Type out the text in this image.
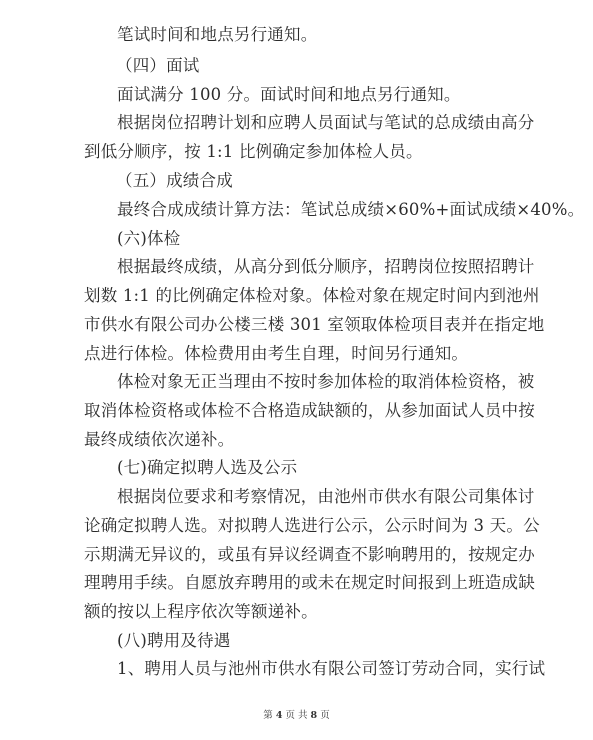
笔试时间和地点另行通知。
（四）面试
面试满分 100 分。面试时间和地点另行通知。
根据岗位招聘计划和应聘人员面试与笔试的总成绩由高分
到低分顺序，按 1:1 比例确定参加体检人员。
（五）成绩合成
最终合成成绩计算方法：笔试总成绩×60%+面试成绩×40%。
(六)体检
根据最终成绩，从高分到低分顺序，招聘岗位按照招聘计
划数 1:1 的比例确定体检对象。体检对象在规定时间内到池州
市供水有限公司办公楼三楼 301 室领取体检项目表并在指定地
点进行体检。体检费用由考生自理，时间另行通知。
体检对象无正当理由不按时参加体检的取消体检资格，被
取消体检资格或体检不合格造成缺额的，从参加面试人员中按
最终成绩依次递补。
(七)确定拟聘人选及公示
根据岗位要求和考察情况，由池州市供水有限公司集体讨
论确定拟聘人选。对拟聘人选进行公示，公示时间为 3 天。公
示期满无异议的，或虽有异议经调查不影响聘用的，按规定办
理聘用手续。自愿放弃聘用的或未在规定时间报到上班造成缺
额的按以上程序依次等额递补。
(八)聘用及待遇
1、聘用人员与池州市供水有限公司签订劳动合同，实行试
第 4 页 共 8 页
